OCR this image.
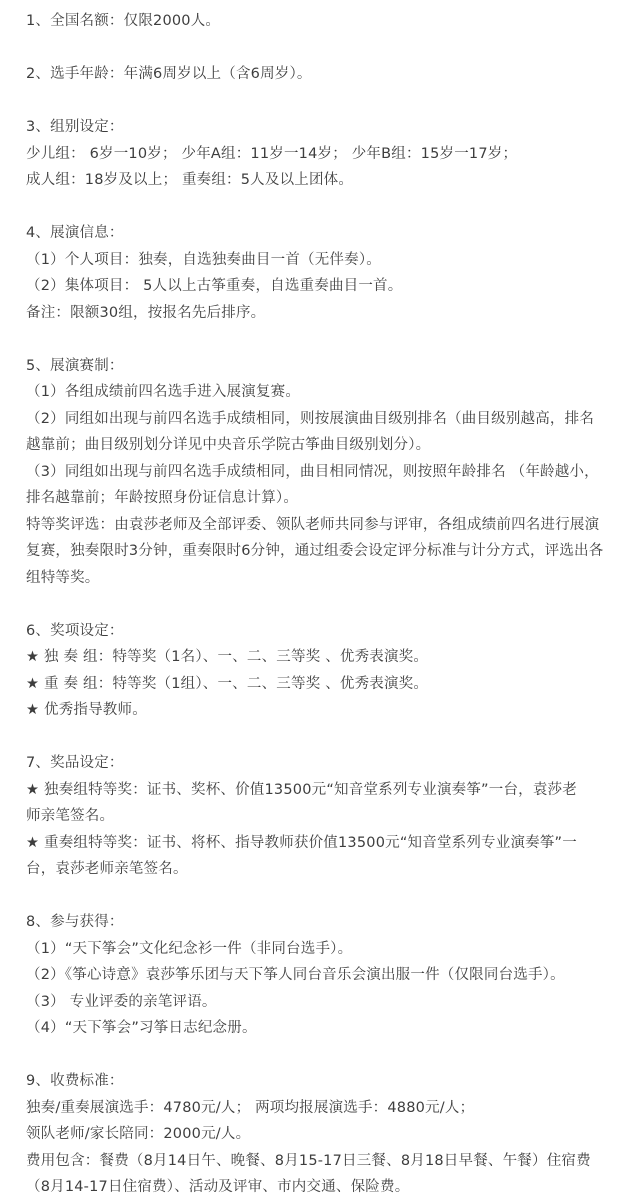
1、全国名额：仅限2000人。
2、选手年龄：年满6周岁以上（含6周岁）。
3、组别设定：
少儿组： 6岁一10岁； 少年A组：11岁一14岁； 少年B组：15岁一17岁；
成人组：18岁及以上； 重奏组：5人及以上团体。
4、展演信息：
（1）个人项目：独奏，自选独奏曲目一首（无伴奏）。
（2）集体项目： 5人以上古筝重奏，自选重奏曲目一首。
备注：限额30组，按报名先后排序。
5、展演赛制：
（1）各组成绩前四名选手进入展演复赛。
（2）同组如出现与前四名选手成绩相同，则按展演曲目级别排名（曲目级别越高，排名
越靠前；曲目级别划分详见中央音乐学院古筝曲目级别划分）。
（3）同组如出现与前四名选手成绩相同，曲目相同情况，则按照年龄排名 （年龄越小，
排名越靠前；年龄按照身份证信息计算）。
特等奖评选：由袁莎老师及全部评委、领队老师共同参与评审，各组成绩前四名进行展演
复赛，独奏限时3分钟，重奏限时6分钟，通过组委会设定评分标准与计分方式，评选出各
组特等奖。
6、奖项设定：
★ 独 奏 组：特等奖（1名）、一、二、三等奖 、优秀表演奖。
★ 重 奏 组：特等奖（1组）、一、二、三等奖 、优秀表演奖。
★ 优秀指导教师。
7、奖品设定：
★ 独奏组特等奖：证书、奖杯、价值13500元“知音堂系列专业演奏筝”一台，袁莎老
师亲笔签名。
★ 重奏组特等奖：证书、将杯、指导教师获价值13500元“知音堂系列专业演奏筝”一
台，袁莎老师亲笔签名。
8、参与获得：
（1）“天下筝会”文化纪念衫一件（非同台选手）。
（2）《筝心诗意》袁莎筝乐团与天下筝人同台音乐会演出服一件（仅限同台选手）。
（3） 专业评委的亲笔评语。
（4）“天下筝会”习筝日志纪念册。
9、收费标准：
独奏/重奏展演选手：4780元/人； 两项均报展演选手：4880元/人；
领队老师/家长陪同：2000元/人。
费用包含：餐费（8月14日午、晚餐、8月15-17日三餐、8月18日早餐、午餐）住宿费
（8月14-17日住宿费）、活动及评审、市内交通、保险费。
